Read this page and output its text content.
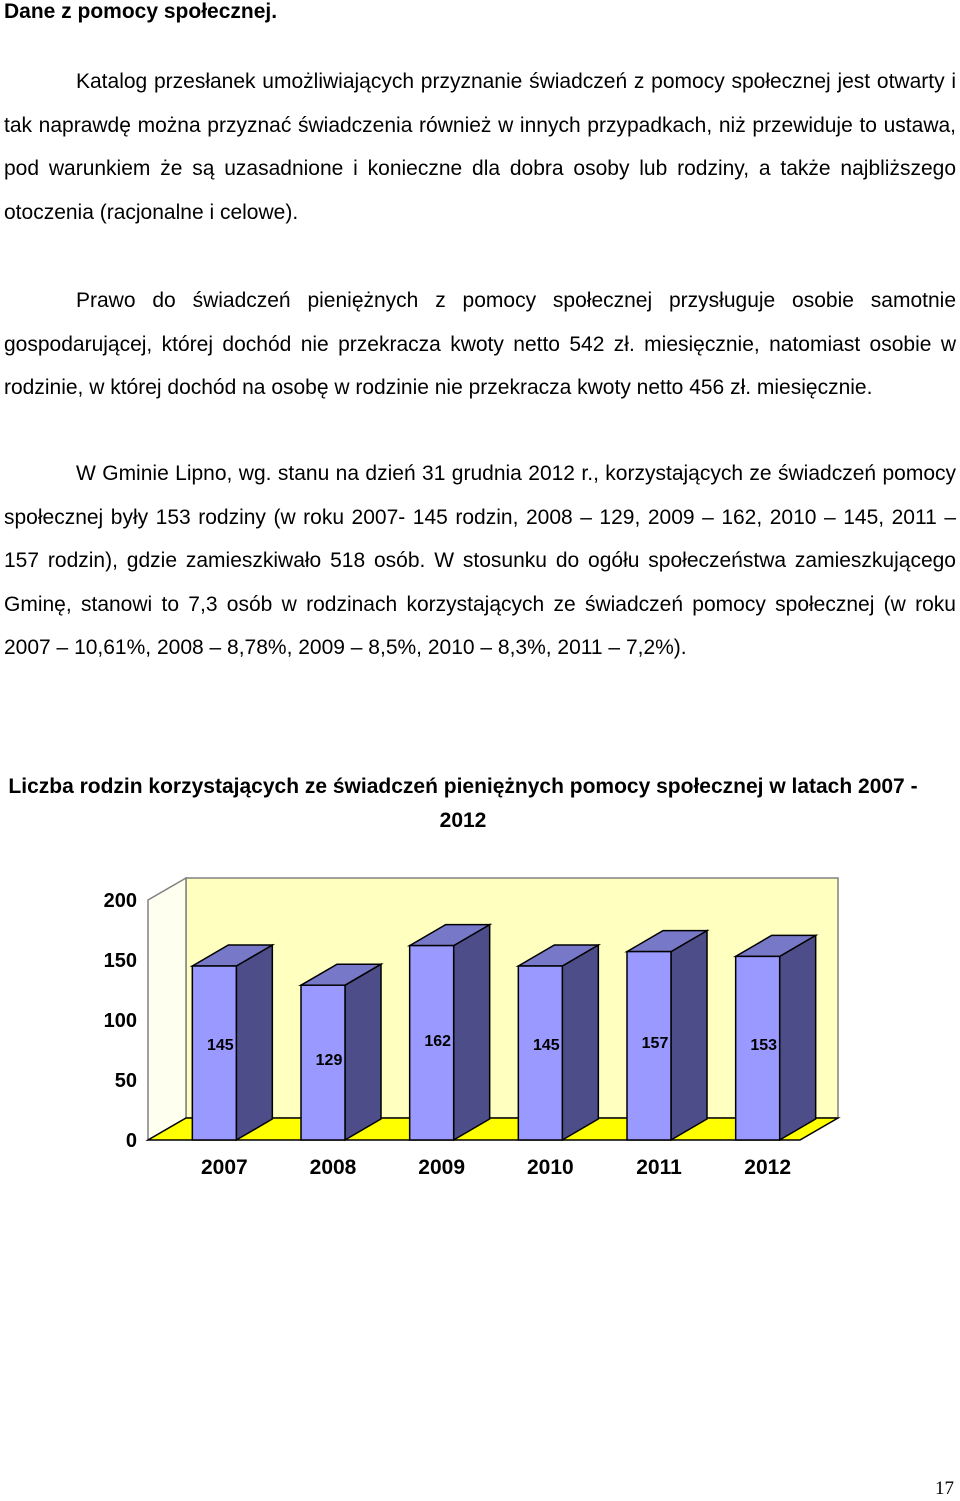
Dane z pomocy społecznej.

Katalog przesłanek umożliwiających przyznanie świadczeń z pomocy społecznej jest otwarty i tak naprawdę można przyznać świadczenia również w innych przypadkach, niż przewiduje to ustawa, pod warunkiem że są uzasadnione i konieczne dla dobra osoby lub rodziny, a także najbliższego otoczenia (racjonalne i celowe).

Prawo do świadczeń pieniężnych z pomocy społecznej przysługuje osobie samotnie gospodarującej, której dochód nie przekracza kwoty netto 542 zł. miesięcznie, natomiast osobie w rodzinie, w której dochód na osobę w rodzinie nie przekracza kwoty netto 456 zł. miesięcznie.

W Gminie Lipno, wg. stanu na dzień 31 grudnia 2012 r., korzystających ze świadczeń pomocy społecznej były 153 rodziny (w roku 2007- 145 rodzin, 2008 – 129, 2009 – 162, 2010 – 145, 2011 – 157 rodzin), gdzie zamieszkiwało 518 osób. W stosunku do ogółu społeczeństwa zamieszkującego Gminę, stanowi to 7,3 osób w rodzinach korzystających ze świadczeń pomocy społecznej (w roku 2007 – 10,61%, 2008 – 8,78%, 2009 – 8,5%, 2010 – 8,3%, 2011 – 7,2%).

Liczba rodzin korzystających ze świadczeń pieniężnych pomocy społecznej w latach 2007 - 2012

0
50
100
150
200
145
2007
129
2008
162
2009
145
2010
157
2011
153
2012
17
